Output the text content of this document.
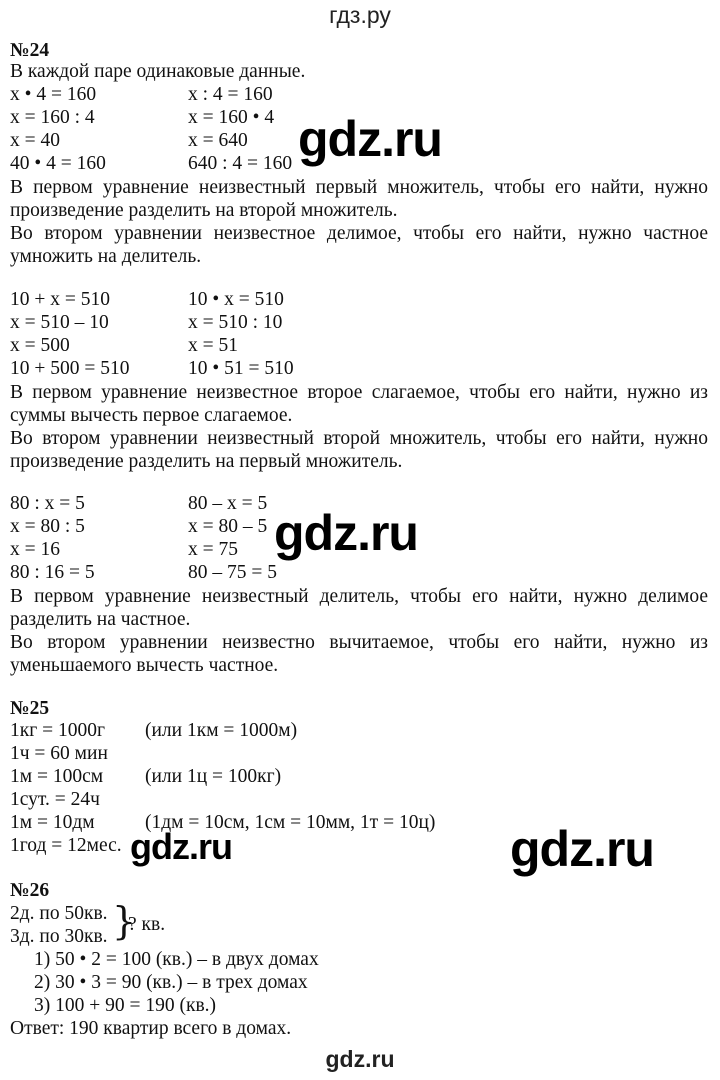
гдз.ру
№24
В каждой паре одинаковые данные.
x • 4 = 160
x = 160 : 4
x = 40
40 • 4 = 160
x : 4 = 160
x = 160 • 4
x = 640
640 : 4 = 160
В первом уравнение неизвестный первый множитель, чтобы его найти, нужно произведение разделить на второй множитель.
Во втором уравнении неизвестное делимое, чтобы его найти, нужно частное умножить на делитель.
10 + x = 510
x = 510 – 10
x = 500
10 + 500 = 510
10 • x = 510
x = 510 : 10
x = 51
10 • 51 = 510
В первом уравнение неизвестное второе слагаемое, чтобы его найти, нужно из суммы вычесть первое слагаемое.
Во втором уравнении неизвестный второй множитель, чтобы его найти, нужно произведение разделить на первый множитель.
80 : x = 5
x = 80 : 5
x = 16
80 : 16 = 5
80 – x = 5
x = 80 – 5
x = 75
80 – 75 = 5
В первом уравнение неизвестный делитель, чтобы его найти, нужно делимое разделить на частное.
Во втором уравнении неизвестно вычитаемое, чтобы его найти, нужно из уменьшаемого вычесть частное.
№25
1кг = 1000г (или 1км = 1000м)
1ч = 60 мин
1м = 100см (или 1ц = 100кг)
1сут. = 24ч
1м = 10дм	(1дм = 10см, 1см = 10мм, 1т = 10ц)
1год = 12мес.
№26
2д. по 50кв.
3д. по 30кв. }
? кв.
1) 50 • 2 = 100 (кв.) – в двух домах
2) 30 • 3 = 90 (кв.) – в трех домах
3) 100 + 90 = 190 (кв.)
Ответ: 190 квартир всего в домах.
gdz.ru
gdz.ru
gdz.ru
gdz.ru
gdz.ru
